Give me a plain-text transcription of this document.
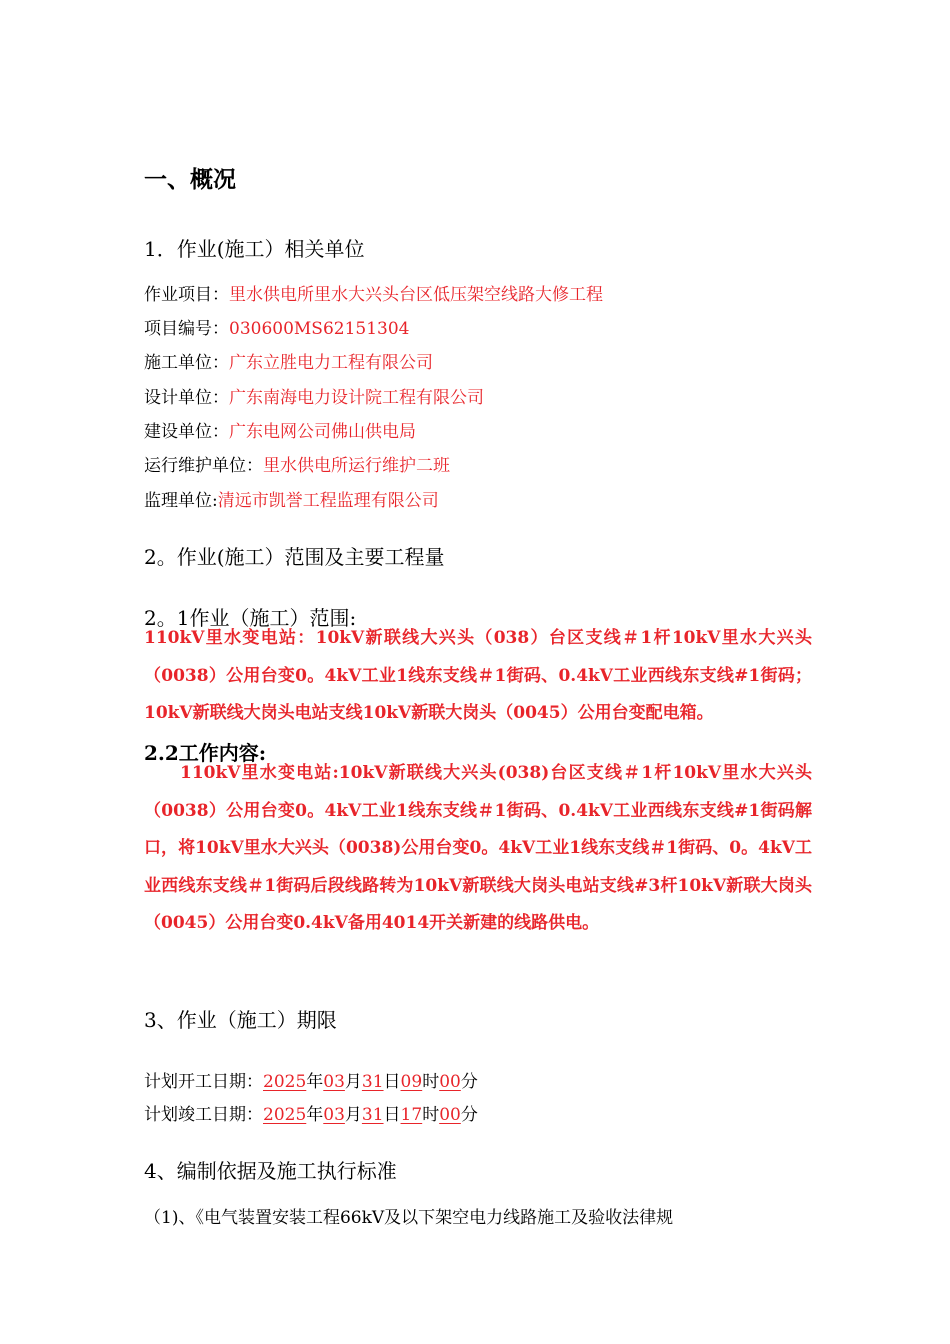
一、概况
1．作业(施工）相关单位
作业项目：里水供电所里水大兴头台区低压架空线路大修工程
项目编号：030600MS62151304
施工单位：广东立胜电力工程有限公司
设计单位：广东南海电力设计院工程有限公司
建设单位：广东电网公司佛山供电局
运行维护单位：里水供电所运行维护二班
监理单位:清远市凯誉工程监理有限公司
2。作业(施工）范围及主要工程量
2。1作业（施工）范围:
110kV里水变电站：10kV新联线大兴头（038）台区支线＃1杆10kV里水大兴头（0038）公用台变0。4kV工业1线东支线＃1街码、0.4kV工业西线东支线#1街码；10kV新联线大岗头电站支线10kV新联大岗头（0045）公用台变配电箱。
2.2工作内容:
110kV里水变电站:10kV新联线大兴头(038)台区支线＃1杆10kV里水大兴头（0038）公用台变0。4kV工业1线东支线＃1街码、0.4kV工业西线东支线#1街码解口，将10kV里水大兴头（0038)公用台变0。4kV工业1线东支线＃1街码、0。4kV工业西线东支线＃1街码后段线路转为10kV新联线大岗头电站支线#3杆10kV新联大岗头（0045）公用台变0.4kV备用4014开关新建的线路供电。
3、作业（施工）期限
计划开工日期：2025年03月31日09时00分
计划竣工日期：2025年03月31日17时00分
4、编制依据及施工执行标准
（1)、《电气装置安装工程66kV及以下架空电力线路施工及验收法律规
